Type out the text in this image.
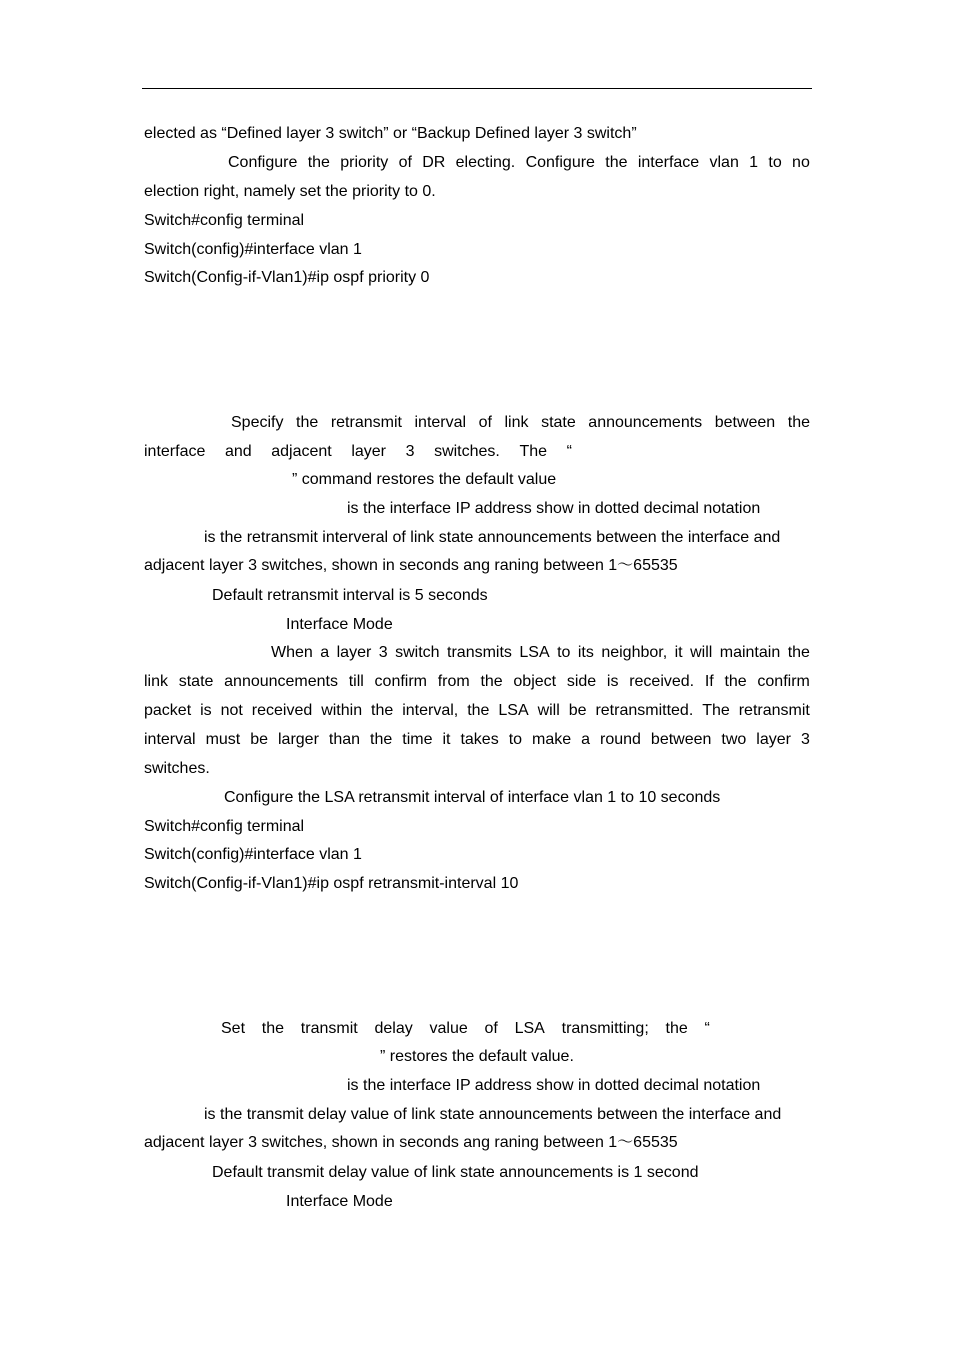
elected as “Defined layer 3 switch” or “Backup Defined layer 3 switch”
Configure the priority of DR electing. Configure the interface vlan 1 to no
election right, namely set the priority to 0.
Switch#config terminal
Switch(config)#interface vlan 1
Switch(Config-if-Vlan1)#ip ospf priority 0
Specify the retransmit interval of link state announcements between the
interface and adjacent layer 3 switches. The “
” command restores the default value
is the interface IP address show in dotted decimal notation
is the retransmit interveral of link state announcements between the interface and
adjacent layer 3 switches, shown in seconds ang raning between 1～65535
Default retransmit interval is 5 seconds
Interface Mode
When a layer 3 switch transmits LSA to its neighbor, it will maintain the
link state announcements till confirm from the object side is received. If the confirm
packet is not received within the interval, the LSA will be retransmitted. The retransmit
interval must be larger than the time it takes to make a round between two layer 3
switches.
Configure the LSA retransmit interval of interface vlan 1 to 10 seconds
Switch#config terminal
Switch(config)#interface vlan 1
Switch(Config-if-Vlan1)#ip ospf retransmit-interval 10
Set the transmit delay value of LSA transmitting; the “
” restores the default value.
is the interface IP address show in dotted decimal notation
is the transmit delay value of link state announcements between the interface and
adjacent layer 3 switches, shown in seconds ang raning between 1～65535
Default transmit delay value of link state announcements is 1 second
Interface Mode
